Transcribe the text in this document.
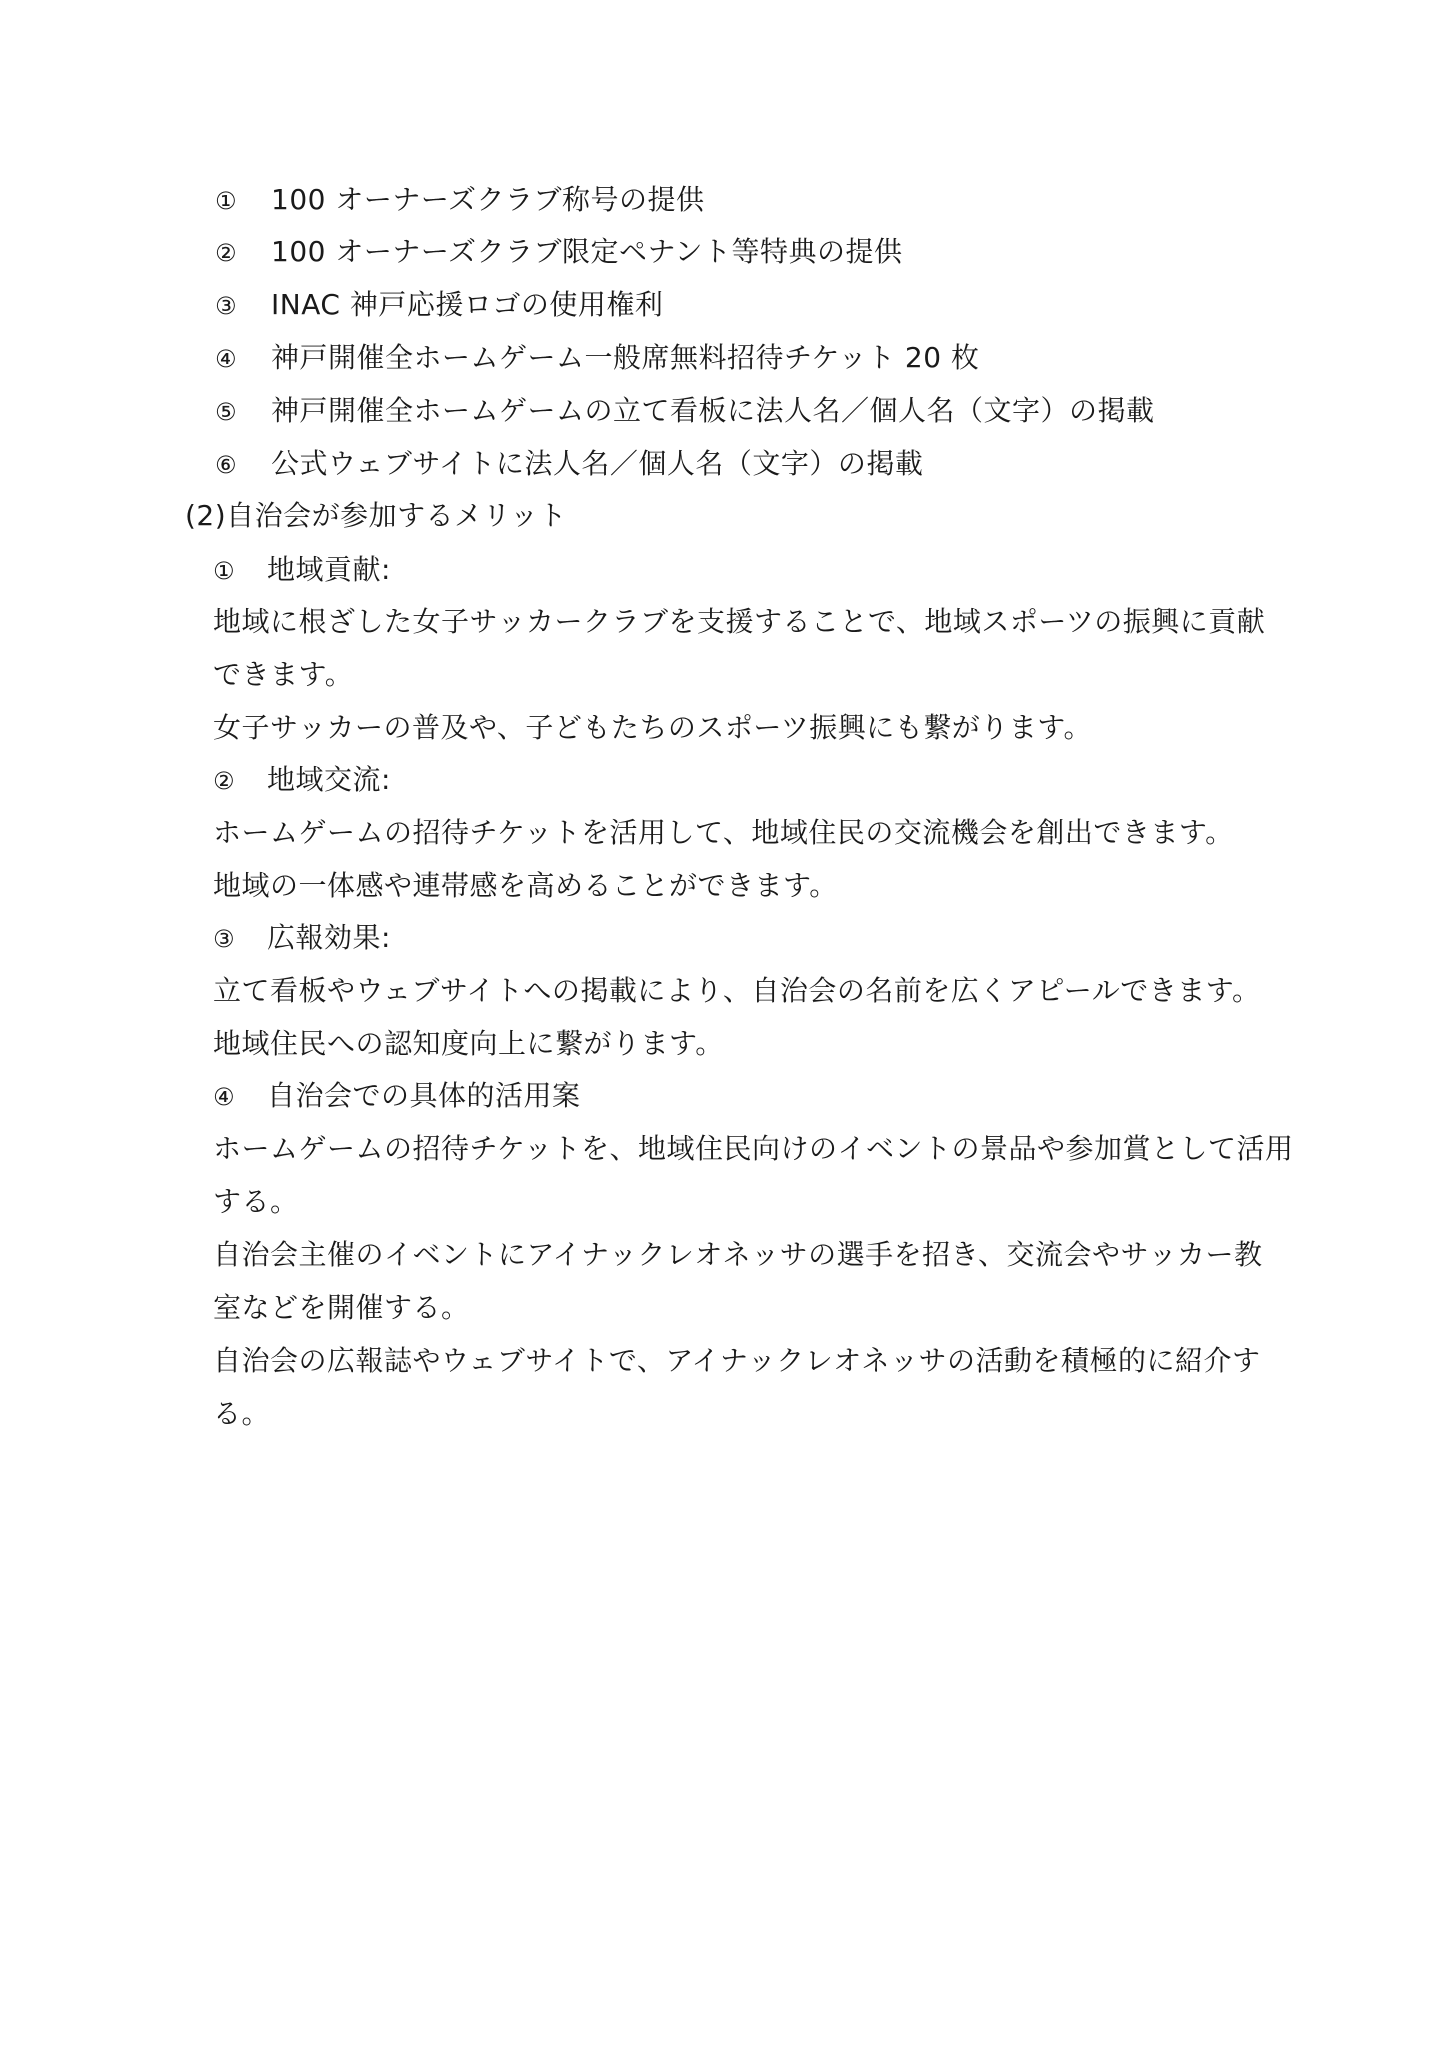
① 100 オーナーズクラブ称号の提供
② 100 オーナーズクラブ限定ペナント等特典の提供
③ INAC 神戸応援ロゴの使用権利
④ 神戸開催全ホームゲーム一般席無料招待チケット 20 枚
⑤ 神戸開催全ホームゲームの立て看板に法人名／個人名（文字）の掲載
⑥ 公式ウェブサイトに法人名／個人名（文字）の掲載
(2)自治会が参加するメリット
① 地域貢献:
地域に根ざした女子サッカークラブを支援することで、地域スポーツの振興に貢献
できます。
女子サッカーの普及や、子どもたちのスポーツ振興にも繋がります。
② 地域交流:
ホームゲームの招待チケットを活用して、地域住民の交流機会を創出できます。
地域の一体感や連帯感を高めることができます。
③ 広報効果:
立て看板やウェブサイトへの掲載により、自治会の名前を広くアピールできます。
地域住民への認知度向上に繋がります。
④ 自治会での具体的活用案
ホームゲームの招待チケットを、地域住民向けのイベントの景品や参加賞として活用
する。
自治会主催のイベントにアイナックレオネッサの選手を招き、交流会やサッカー教
室などを開催する。
自治会の広報誌やウェブサイトで、アイナックレオネッサの活動を積極的に紹介す
る。
